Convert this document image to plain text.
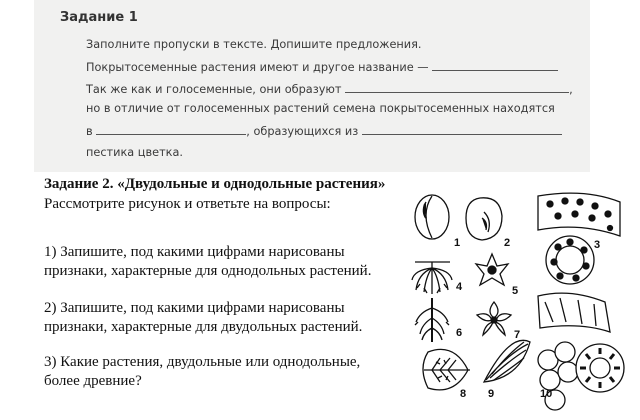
Задание 1
Заполните пропуски в тексте. Допишите предложения.
Покрытосеменные растения имеют и другое название —
Так же как и голосеменные, они образуют	,
но в отличие от голосеменных растений семена покрытосеменных находятся
в	, образующихся из
пестика цветка.
Задание 2. «Двудольные и однодольные растения»
Рассмотрите рисунок и ответьте на вопросы:
1) Запишите, под какими цифрами нарисованы
признаки, характерные для однодольных растений.
2) Запишите, под какими цифрами нарисованы
признаки, характерные для двудольных растений.
3) Какие растения, двудольные или однодольные,
более древние?
1	2	3
4	5
6	7
8 9	10
